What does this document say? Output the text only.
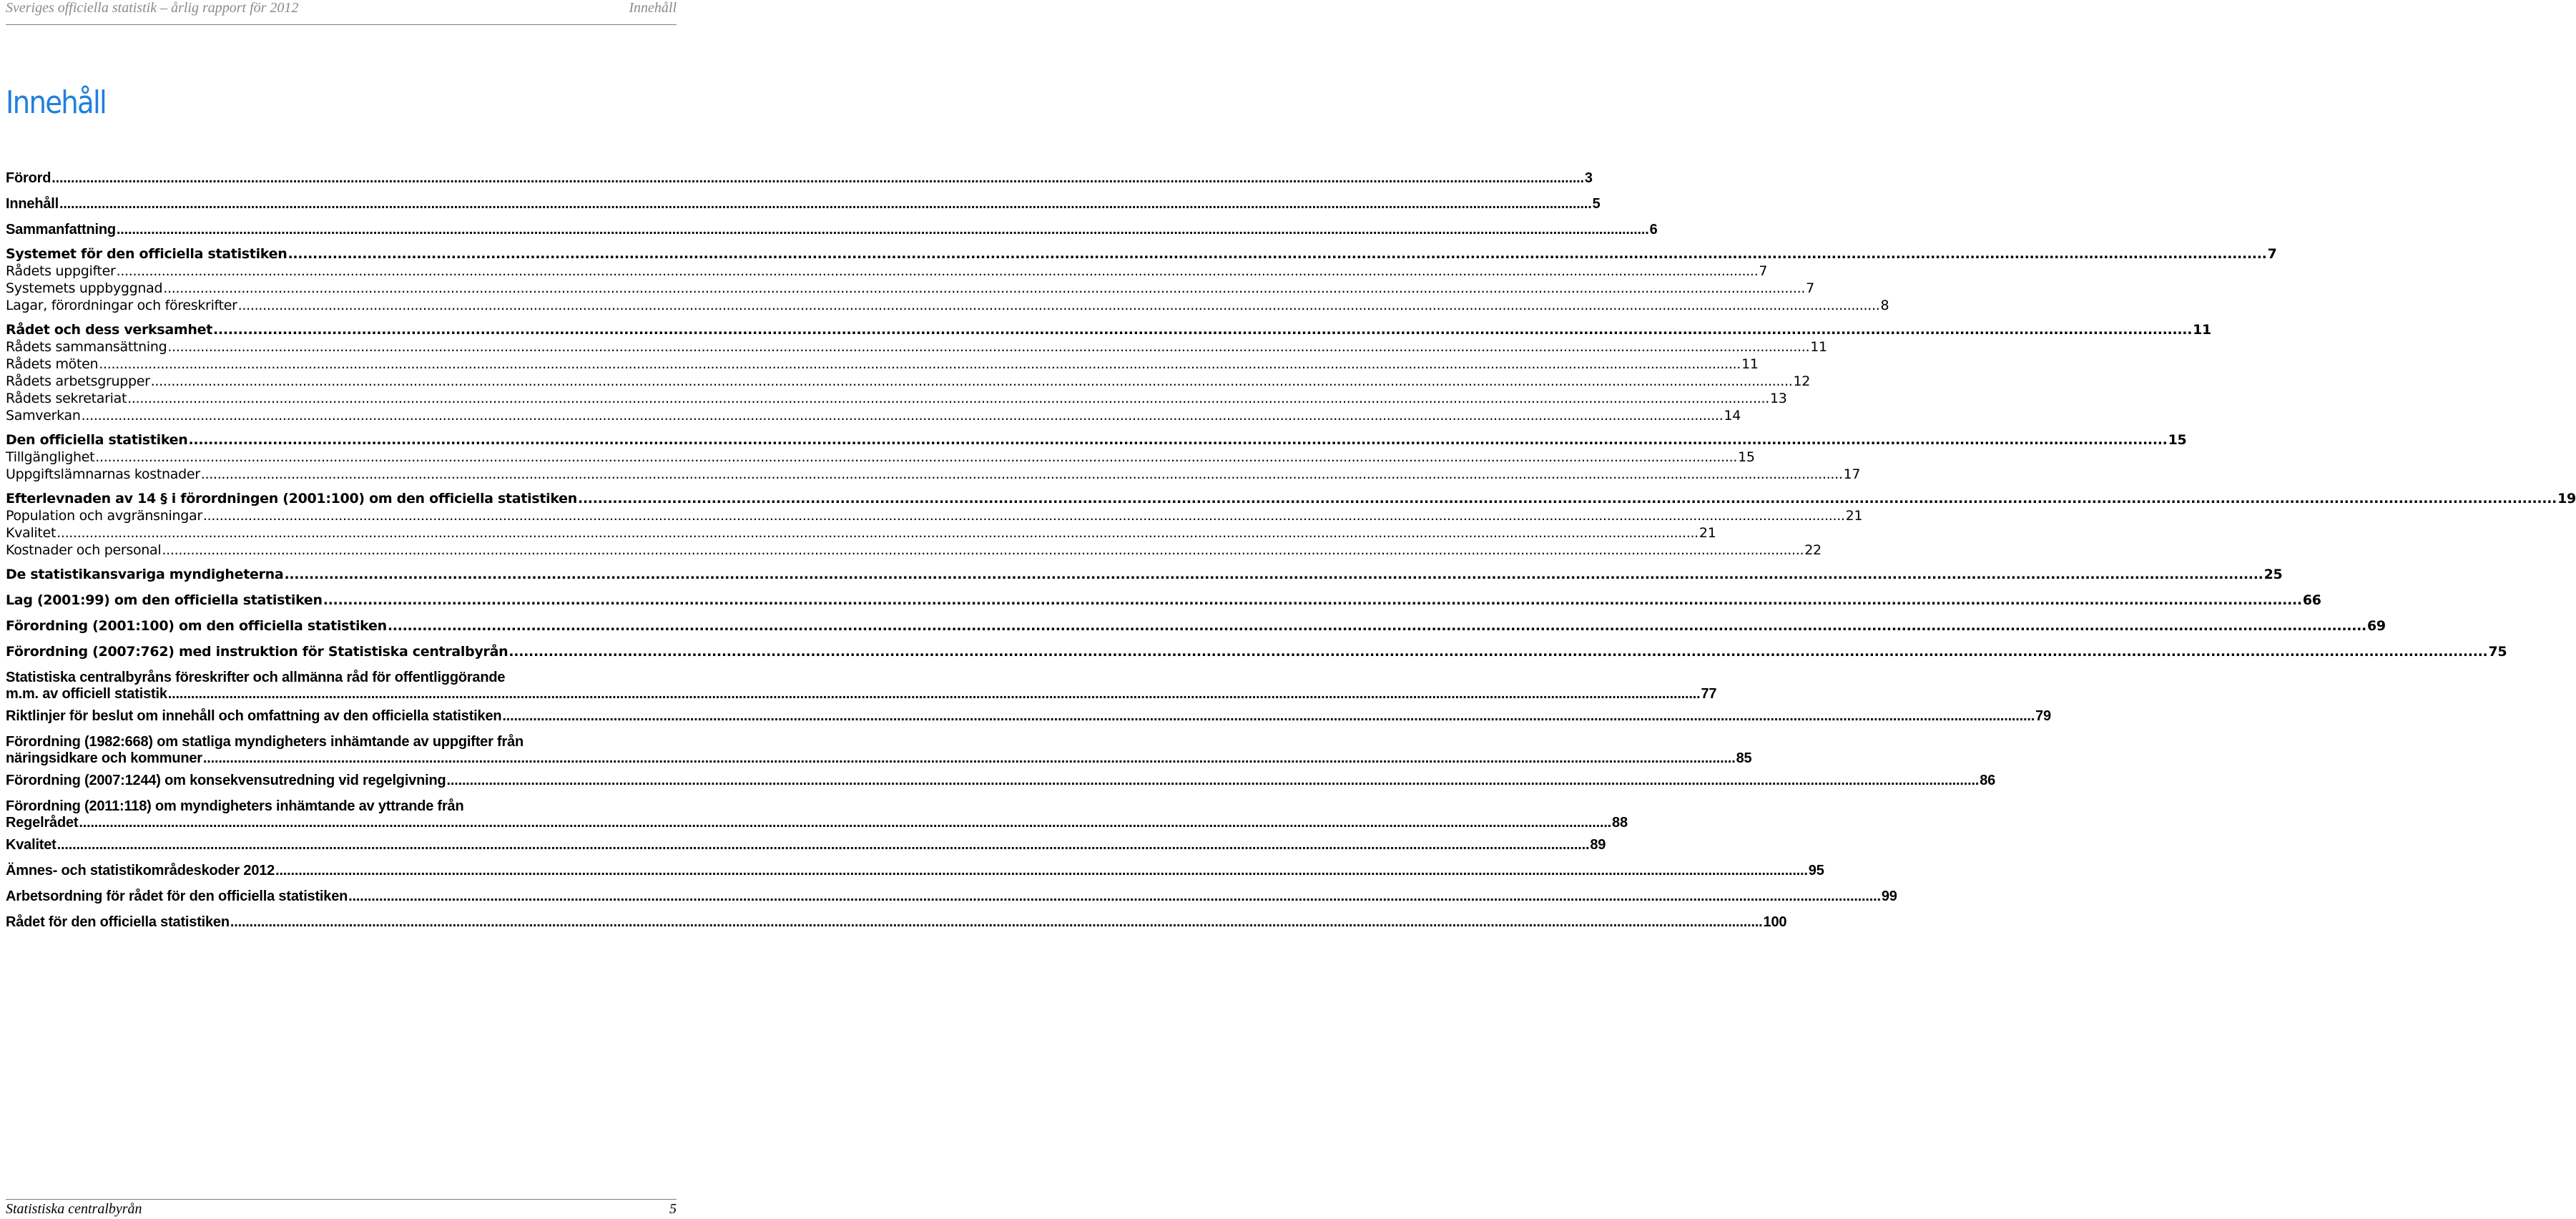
Sveriges officiella statistik – årlig rapport för 2012	Innehåll
Innehåll
Förord ................................................................................................................................................................................................................................................................................................................................................................................................................ 3
Innehåll ................................................................................................................................................................................................................................................................................................................................................................................................................ 5
Sammanfattning ................................................................................................................................................................................................................................................................................................................................................................................................................ 6
Systemet för den officiella statistiken ................................................................................................................................................................................................................................................................................................................................................................................................................ 7
Rådets uppgifter ................................................................................................................................................................................................................................................................................................................................................................................................................ 7
Systemets uppbyggnad ................................................................................................................................................................................................................................................................................................................................................................................................................ 7
Lagar, förordningar och föreskrifter ................................................................................................................................................................................................................................................................................................................................................................................................................ 8
Rådet och dess verksamhet ................................................................................................................................................................................................................................................................................................................................................................................................................ 11
Rådets sammansättning ................................................................................................................................................................................................................................................................................................................................................................................................................ 11
Rådets möten ................................................................................................................................................................................................................................................................................................................................................................................................................ 11
Rådets arbetsgrupper ................................................................................................................................................................................................................................................................................................................................................................................................................ 12
Rådets sekretariat ................................................................................................................................................................................................................................................................................................................................................................................................................ 13
Samverkan ................................................................................................................................................................................................................................................................................................................................................................................................................ 14
Den officiella statistiken ................................................................................................................................................................................................................................................................................................................................................................................................................ 15
Tillgänglighet ................................................................................................................................................................................................................................................................................................................................................................................................................ 15
Uppgiftslämnarnas kostnader ................................................................................................................................................................................................................................................................................................................................................................................................................ 17
Efterlevnaden av 14 § i förordningen (2001:100) om den officiella statistiken ................................................................................................................................................................................................................................................................................................................................................................................................................ 19
Population och avgränsningar ................................................................................................................................................................................................................................................................................................................................................................................................................ 21
Kvalitet ................................................................................................................................................................................................................................................................................................................................................................................................................ 21
Kostnader och personal ................................................................................................................................................................................................................................................................................................................................................................................................................ 22
De statistikansvariga myndigheterna ................................................................................................................................................................................................................................................................................................................................................................................................................ 25
Lag (2001:99) om den officiella statistiken ................................................................................................................................................................................................................................................................................................................................................................................................................ 66
Förordning (2001:100) om den officiella statistiken ................................................................................................................................................................................................................................................................................................................................................................................................................ 69
Förordning (2007:762) med instruktion för Statistiska centralbyrån ................................................................................................................................................................................................................................................................................................................................................................................................................ 75
Statistiska centralbyråns föreskrifter och allmänna råd för offentliggörande
m.m. av officiell statistik ................................................................................................................................................................................................................................................................................................................................................................................................................ 77
Riktlinjer för beslut om innehåll och omfattning av den officiella statistiken ................................................................................................................................................................................................................................................................................................................................................................................................................ 79
Förordning (1982:668) om statliga myndigheters inhämtande av uppgifter från
näringsidkare och kommuner ................................................................................................................................................................................................................................................................................................................................................................................................................ 85
Förordning (2007:1244) om konsekvensutredning vid regelgivning ................................................................................................................................................................................................................................................................................................................................................................................................................ 86
Förordning (2011:118) om myndigheters inhämtande av yttrande från
Regelrådet ................................................................................................................................................................................................................................................................................................................................................................................................................ 88
Kvalitet ................................................................................................................................................................................................................................................................................................................................................................................................................ 89
Ämnes- och statistikområdeskoder 2012 ................................................................................................................................................................................................................................................................................................................................................................................................................ 95
Arbetsordning för rådet för den officiella statistiken ................................................................................................................................................................................................................................................................................................................................................................................................................ 99
Rådet för den officiella statistiken ................................................................................................................................................................................................................................................................................................................................................................................................................ 100
Statistiska centralbyrån	5
